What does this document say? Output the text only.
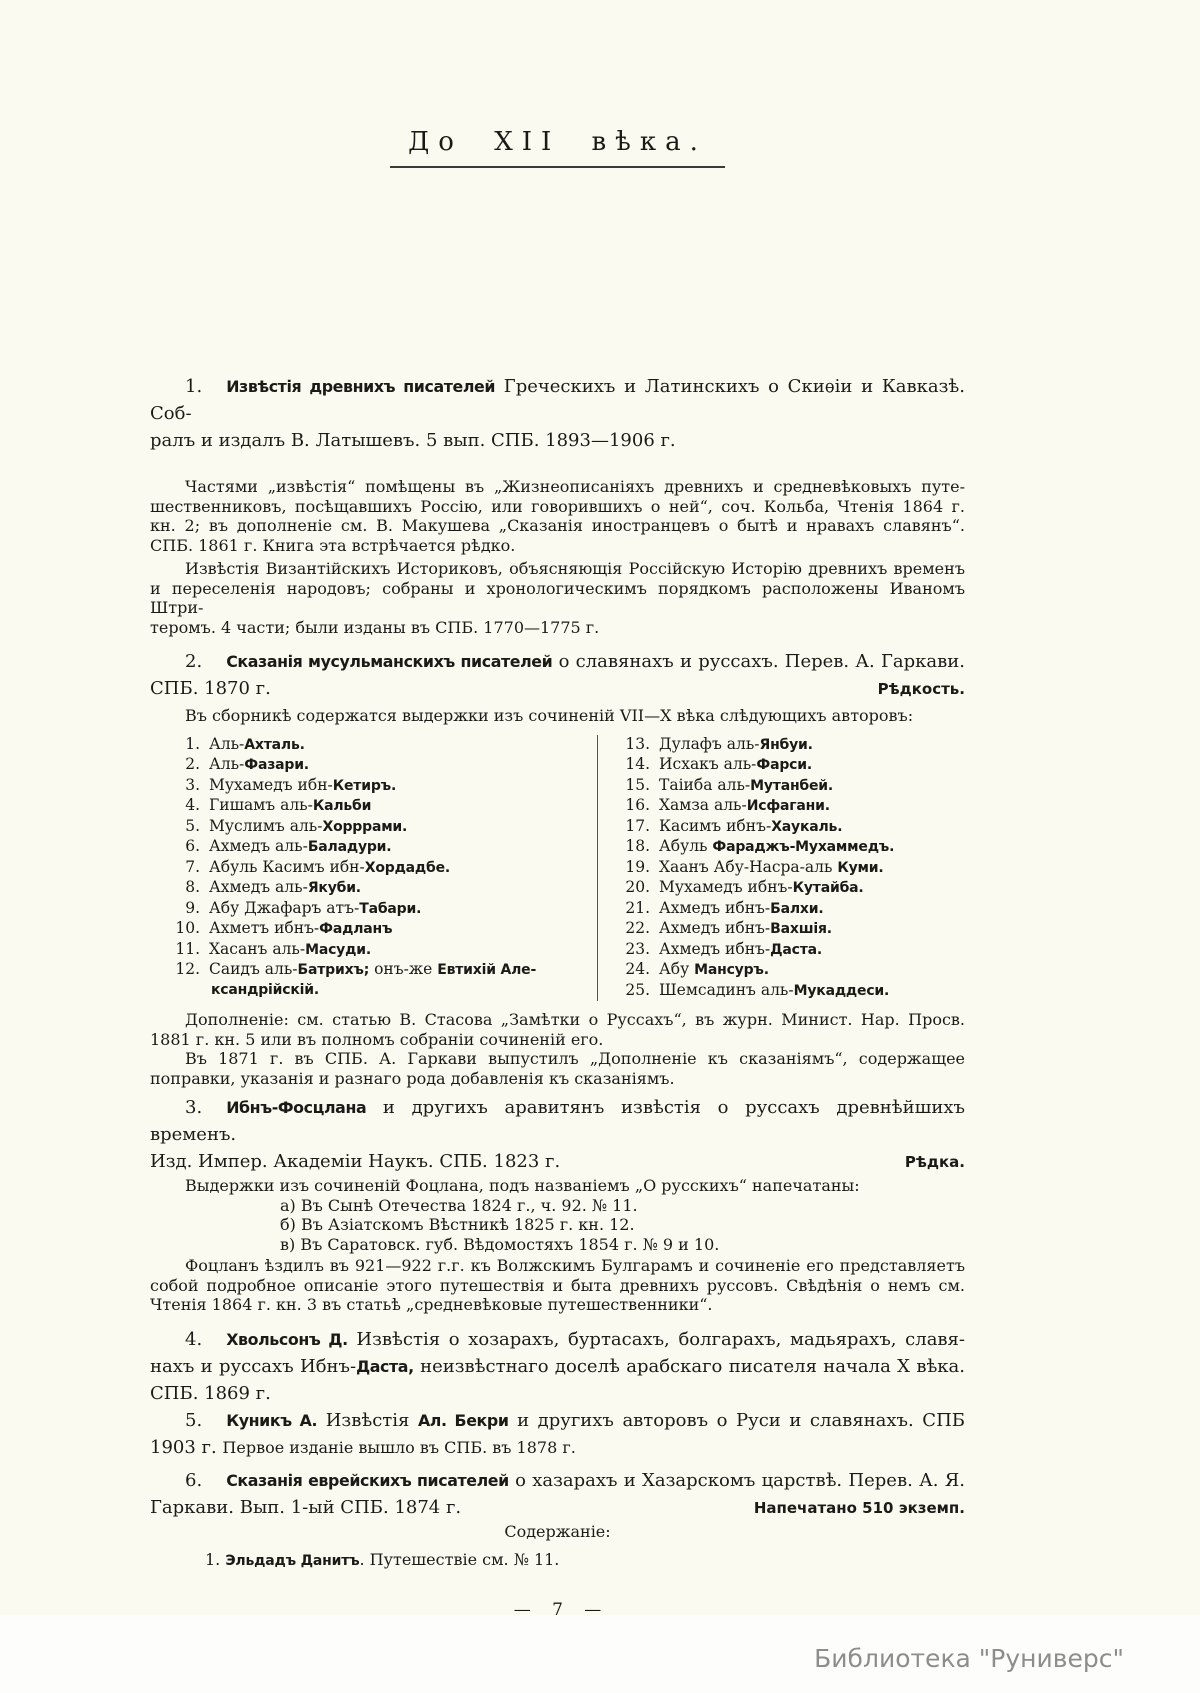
До XII вѣка.
1. Извѣстія древнихъ писателей Греческихъ и Латинскихъ о Скиѳіи и Кавказѣ. Соб-
ралъ и издалъ В. Латышевъ. 5 вып. СПБ. 1893—1906 г.
Частями „извѣстія“ помѣщены въ „Жизнеописаніяхъ древнихъ и средневѣковыхъ путе-
шественниковъ, посѣщавшихъ Россію, или говорившихъ о ней“, соч. Кольба, Чтенія 1864 г.
кн. 2; въ дополненіе см. В. Макушева „Сказанія иностранцевъ о бытѣ и нравахъ славянъ“.
СПБ. 1861 г. Книга эта встрѣчается рѣдко.
Извѣстія Византійскихъ Историковъ, объясняющія Россійскую Исторію древнихъ временъ
и переселенія народовъ; собраны и хронологическимъ порядкомъ расположены Иваномъ Штри-
теромъ. 4 части; были изданы въ СПБ. 1770—1775 г.
2. Сказанія мусульманскихъ писателей о славянахъ и руссахъ. Перев. А. Гаркави.
СПБ. 1870 г.	Рѣдкость.
Въ сборникѣ содержатся выдержки изъ сочиненій VII—X вѣка слѣдующихъ авторовъ:
1. Аль-Ахталь.
2. Аль-Фазари.
3. Мухамедъ ибн-Кетиръ.
4. Гишамъ аль-Кальби
5. Муслимъ аль-Хорррами.
6. Ахмедъ аль-Баладури.
7. Абуль Касимъ ибн-Хордадбе.
8. Ахмедъ аль-Якуби.
9. Абу Джафаръ атъ-Табари.
10. Ахметъ ибнъ-Фадланъ
11. Хасанъ аль-Масуди.
12. Саидъ аль-Батрихъ; онъ-же Евтихій Але-
ксандрійскій.
13. Дулафъ аль-Янбуи.
14. Исхакъ аль-Фарси.
15. Таіиба аль-Мутанбей.
16. Хамза аль-Исфагани.
17. Касимъ ибнъ-Хаукаль.
18. Абуль Фараджъ-Мухаммедъ.
19. Хаанъ Абу-Насра-аль Куми.
20. Мухамедъ ибнъ-Кутайба.
21. Ахмедъ ибнъ-Балхи.
22. Ахмедъ ибнъ-Вахшія.
23. Ахмедъ ибнъ-Даста.
24. Абу Мансуръ.
25. Шемсадинъ аль-Мукаддеси.
Дополненіе: см. статью В. Стасова „Замѣтки о Руссахъ“, въ журн. Минист. Нар. Просв.
1881 г. кн. 5 или въ полномъ собраніи сочиненій его.
Въ 1871 г. въ СПБ. А. Гаркави выпустилъ „Дополненіе къ сказаніямъ“, содержащее
поправки, указанія и разнаго рода добавленія къ сказаніямъ.
3. Ибнъ-Фосцлана и другихъ аравитянъ извѣстія о руссахъ древнѣйшихъ временъ.
Изд. Импер. Академіи Наукъ. СПБ. 1823 г.	Рѣдка.
Выдержки изъ сочиненій Фоцлана, подъ названіемъ „О русскихъ“ напечатаны:
а) Въ Сынѣ Отечества 1824 г., ч. 92. № 11.
б) Въ Азіатскомъ Вѣстникѣ 1825 г. кн. 12.
в) Въ Саратовск. губ. Вѣдомостяхъ 1854 г. № 9 и 10.
Фоцланъ ѣздилъ въ 921—922 г.г. къ Волжскимъ Булгарамъ и сочиненіе его представляетъ
собой подробное описаніе этого путешествія и быта древнихъ руссовъ. Свѣдѣнія о немъ см.
Чтенія 1864 г. кн. 3 въ статьѣ „средневѣковые путешественники“.
4. Хвольсонъ Д. Извѣстія о хозарахъ, буртасахъ, болгарахъ, мадьярахъ, славя-
нахъ и руссахъ Ибнъ-Даста, неизвѣстнаго доселѣ арабскаго писателя начала X вѣка.
СПБ. 1869 г.
5. Куникъ А. Извѣстія Ал. Бекри и другихъ авторовъ о Руси и славянахъ. СПБ
1903 г. Первое изданіе вышло въ СПБ. въ 1878 г.
6. Сказанія еврейскихъ писателей о хазарахъ и Хазарскомъ царствѣ. Перев. А. Я.
Гаркави. Вып. 1-ый СПБ. 1874 г.	Напечатано 510 экземп.
Содержаніе:
1. Эльдадъ Данитъ. Путешествіе см. № 11.
— 7 —
Библиотека "Руниверс"
